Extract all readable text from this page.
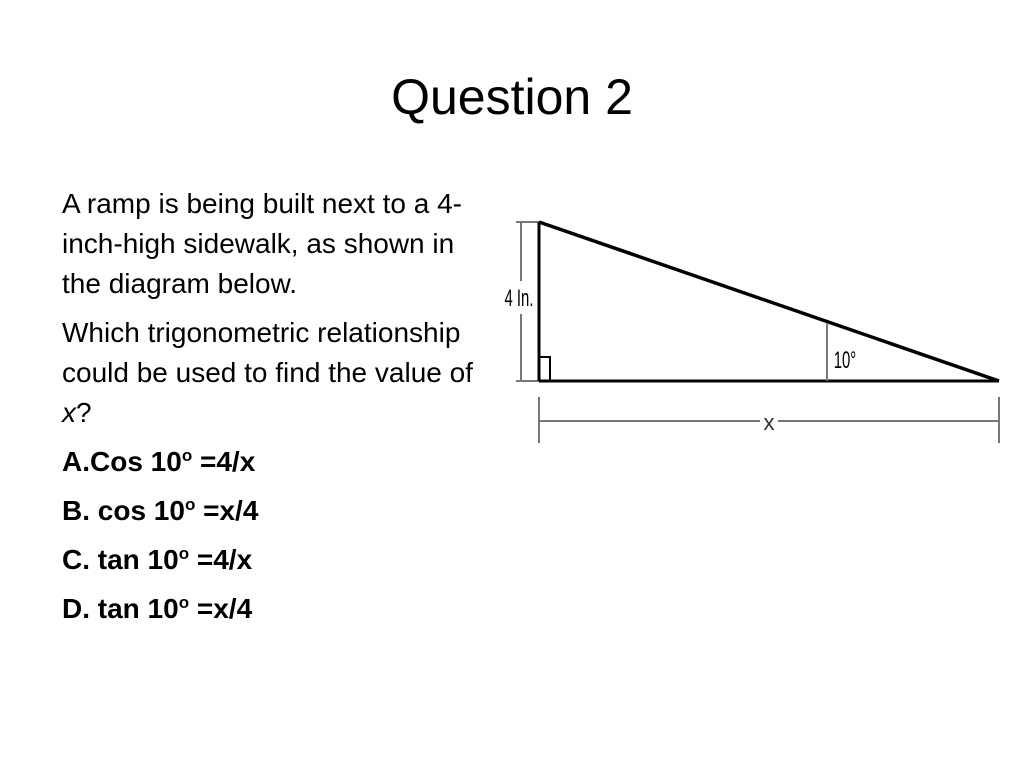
Question 2

A ramp is being built next to a 4-inch-high sidewalk, as shown in the diagram below.

Which trigonometric relationship could be used to find the value of x?

A.Cos $10^o =4/x$
B. $\cos 10^o =x/4$
C. $\tan 10^o =4/x$
D. $\tan 10^o =x/4$
4 In.
10°
x
